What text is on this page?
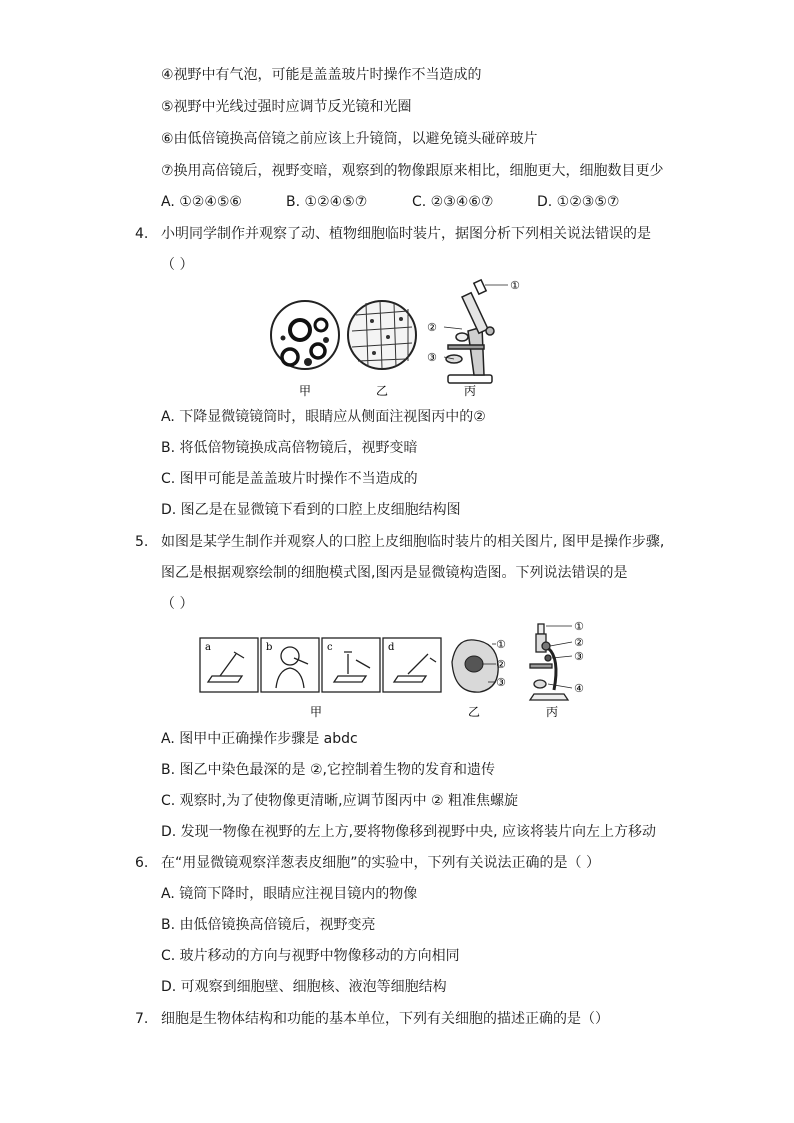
④视野中有气泡，可能是盖盖玻片时操作不当造成的
⑤视野中光线过强时应调节反光镜和光圈
⑥由低倍镜换高倍镜之前应该上升镜筒，以避免镜头碰碎玻片
⑦换用高倍镜后，视野变暗，观察到的物像跟原来相比，细胞更大，细胞数目更少
A. ①②④⑤⑥	B. ①②④⑤⑦	C. ②③④⑥⑦	D. ①②③⑤⑦
4. 小明同学制作并观察了动、植物细胞临时装片，据图分析下列相关说法错误的是
（ ）
①
②
③
甲	乙	丙
A. 下降显微镜镜筒时，眼睛应从侧面注视图丙中的②
B. 将低倍物镜换成高倍物镜后，视野变暗
C. 图甲可能是盖盖玻片时操作不当造成的
D. 图乙是在显微镜下看到的口腔上皮细胞结构图
5. 如图是某学生制作并观察人的口腔上皮细胞临时装片的相关图片, 图甲是操作步骤,
图乙是根据观察绘制的细胞模式图,图丙是显微镜构造图。下列说法错误的是
（ ）
a	b	c	d	①
②
③
①
②
③
④
甲	乙	丙
A. 图甲中正确操作步骤是 abdc
B. 图乙中染色最深的是 ②,它控制着生物的发育和遗传
C. 观察时,为了使物像更清晰,应调节图丙中 ② 粗准焦螺旋
D. 发现一物像在视野的左上方,要将物像移到视野中央, 应该将装片向左上方移动
6. 在“用显微镜观察洋葱表皮细胞”的实验中，下列有关说法正确的是（ ）
A. 镜筒下降时，眼睛应注视目镜内的物像
B. 由低倍镜换高倍镜后，视野变亮
C. 玻片移动的方向与视野中物像移动的方向相同
D. 可观察到细胞壁、细胞核、液泡等细胞结构
7. 细胞是生物体结构和功能的基本单位，下列有关细胞的描述正确的是（）
